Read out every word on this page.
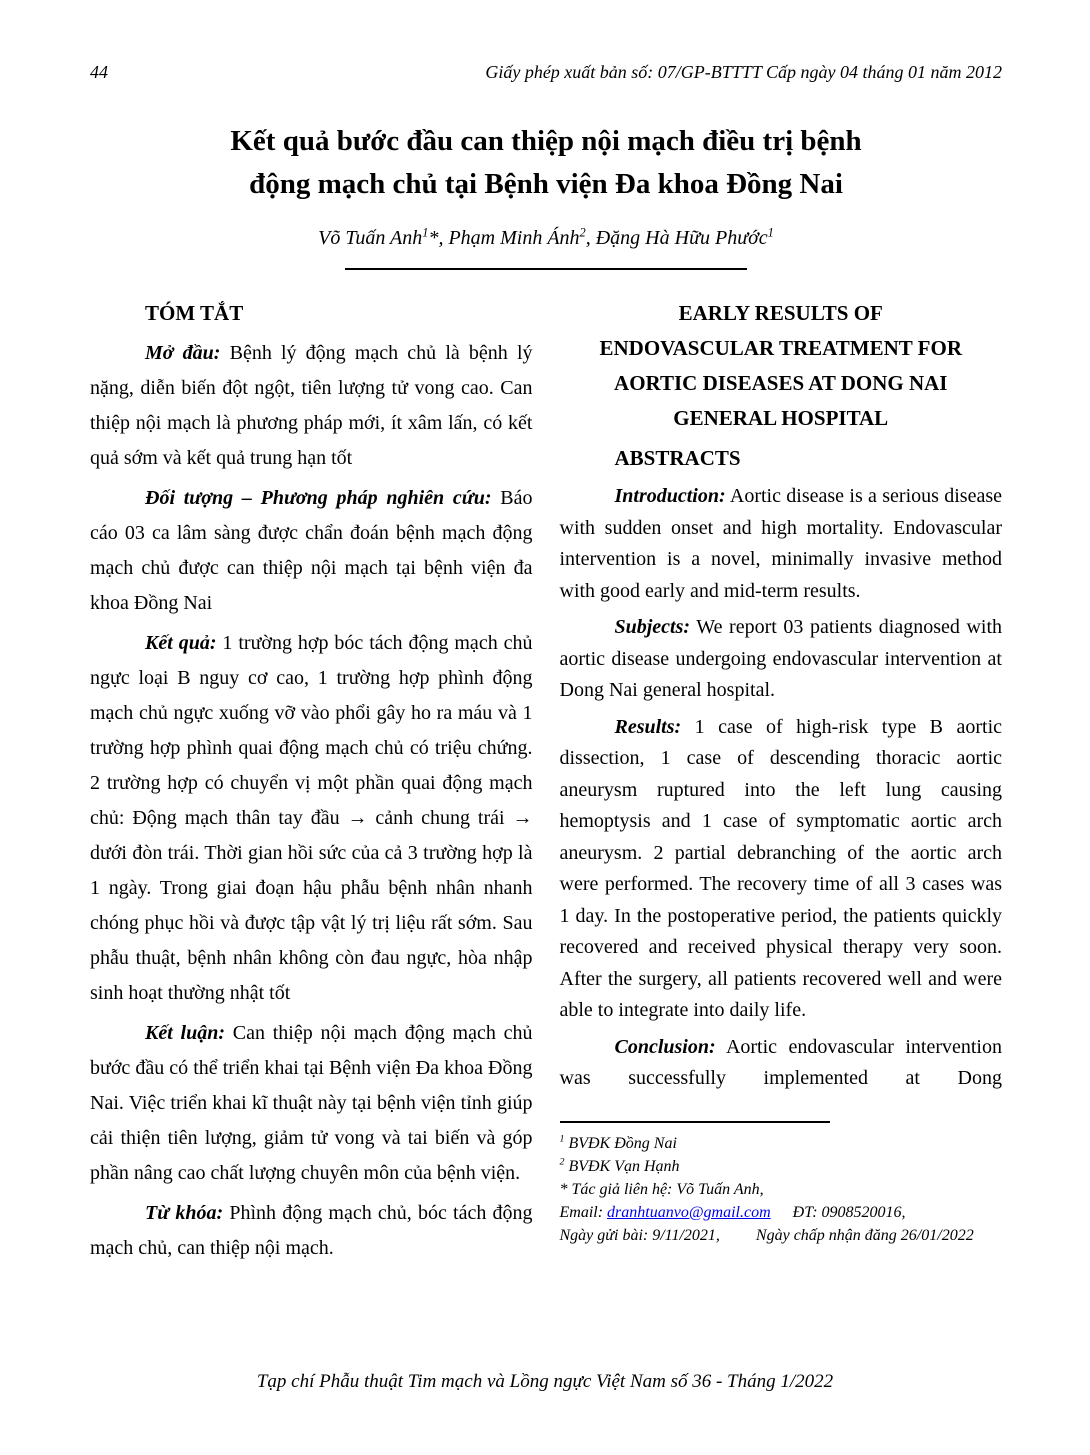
44	Giấy phép xuất bản số: 07/GP-BTTTT Cấp ngày 04 tháng 01 năm 2012
Kết quả bước đầu can thiệp nội mạch điều trị bệnh
động mạch chủ tại Bệnh viện Đa khoa Đồng Nai
Võ Tuấn Anh$^1$*, Phạm Minh Ánh$^2$, Đặng Hà Hữu Phước$^1$

TÓM TẮT

Mở đầu: Bệnh lý động mạch chủ là bệnh lý nặng, diễn biến đột ngột, tiên lượng tử vong cao. Can thiệp nội mạch là phương pháp mới, ít xâm lấn, có kết quả sớm và kết quả trung hạn tốt

Đối tượng – Phương pháp nghiên cứu: Báo cáo 03 ca lâm sàng được chẩn đoán bệnh mạch động mạch chủ được can thiệp nội mạch tại bệnh viện đa khoa Đồng Nai

Kết quả: 1 trường hợp bóc tách động mạch chủ ngực loại B nguy cơ cao, 1 trường hợp phình động mạch chủ ngực xuống vỡ vào phổi gây ho ra máu và 1 trường hợp phình quai động mạch chủ có triệu chứng. 2 trường hợp có chuyển vị một phần quai động mạch chủ: Động mạch thân tay đầu → cảnh chung trái → dưới đòn trái. Thời gian hồi sức của cả 3 trường hợp là 1 ngày. Trong giai đoạn hậu phẫu bệnh nhân nhanh chóng phục hồi và được tập vật lý trị liệu rất sớm. Sau phẫu thuật, bệnh nhân không còn đau ngực, hòa nhập sinh hoạt thường nhật tốt

Kết luận: Can thiệp nội mạch động mạch chủ bước đầu có thể triển khai tại Bệnh viện Đa khoa Đồng Nai. Việc triển khai kĩ thuật này tại bệnh viện tỉnh giúp cải thiện tiên lượng, giảm tử vong và tai biến và góp phần nâng cao chất lượng chuyên môn của bệnh viện.

Từ khóa: Phình động mạch chủ, bóc tách động mạch chủ, can thiệp nội mạch.

EARLY RESULTS OF
ENDOVASCULAR TREATMENT FOR
AORTIC DISEASES AT DONG NAI
GENERAL HOSPITAL

ABSTRACTS

Introduction: Aortic disease is a serious disease with sudden onset and high mortality. Endovascular intervention is a novel, minimally invasive method with good early and mid-term results.

Subjects: We report 03 patients diagnosed with aortic disease undergoing endovascular intervention at Dong Nai general hospital.

Results: 1 case of high-risk type B aortic dissection, 1 case of descending thoracic aortic aneurysm ruptured into the left lung causing hemoptysis and 1 case of symptomatic aortic arch aneurysm. 2 partial debranching of the aortic arch were performed. The recovery time of all 3 cases was 1 day. In the postoperative period, the patients quickly recovered and received physical therapy very soon. After the surgery, all patients recovered well and were able to integrate into daily life.

Conclusion: Aortic endovascular intervention was successfully implemented at Dong

$^1$ BVĐK Đồng Nai
$^2$ BVĐK Vạn Hạnh
* Tác giả liên hệ: Võ Tuấn Anh,
Email: dranhtuanvo@gmail.com ĐT: 0908520016,
Ngày gửi bài: 9/11/2021, Ngày chấp nhận đăng 26/01/2022
Tạp chí Phẫu thuật Tim mạch và Lồng ngực Việt Nam số 36 - Tháng 1/2022
